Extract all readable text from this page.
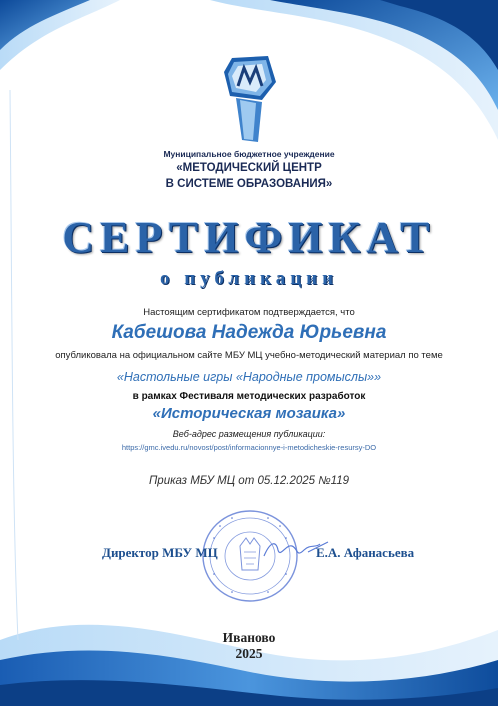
Муниципальное бюджетное учреждение
«МЕТОДИЧЕСКИЙ ЦЕНТР
В СИСТЕМЕ ОБРАЗОВАНИЯ»
СЕРТИФИКАТ
о публикации
Настоящим сертификатом подтверждается, что
Кабешова Надежда Юрьевна
опубликовала на официальном сайте МБУ МЦ учебно-методический материал по теме
«Настольные игры «Народные промыслы»»
в рамках Фестиваля методических разработок
«Историческая мозаика»
Веб-адрес размещения публикации:
https://gmc.ivedu.ru/novost/post/informacionnye-i-metodicheskie-resursy-DO
Приказ МБУ МЦ от 05.12.2025 №119
Директор МБУ МЦ	Е.А. Афанасьева
Иваново
2025
